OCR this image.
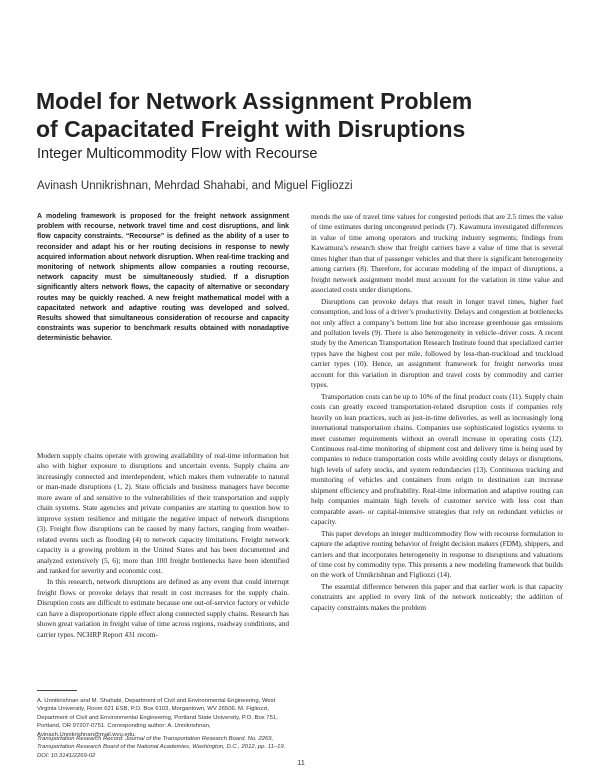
Model for Network Assignment Problem
of Capacitated Freight with Disruptions

Integer Multicommodity Flow with Recourse

Avinash Unnikrishnan, Mehrdad Shahabi, and Miguel Figliozzi

A modeling framework is proposed for the freight network assignment problem with recourse, network travel time and cost disruptions, and link flow capacity constraints. “Recourse” is defined as the ability of a user to reconsider and adapt his or her routing decisions in response to newly acquired information about network disruption. When real-time tracking and monitoring of network shipments allow companies a routing recourse, network capacity must be simultaneously studied. If a disruption significantly alters network flows, the capacity of alternative or secondary routes may be quickly reached. A new freight mathematical model with a capacitated network and adaptive routing was developed and solved. Results showed that simultaneous consideration of recourse and capacity constraints was superior to benchmark results obtained with nonadaptive deterministic behavior.

Modern supply chains operate with growing availability of real-time information but also with higher exposure to disruptions and uncertain events. Supply chains are increasingly connected and interdependent, which makes them vulnerable to natural or man-made disruptions (1, 2). State officials and business managers have become more aware of and sensitive to the vulnerabilities of their transportation and supply chain systems. State agencies and private companies are starting to question how to improve system resilience and mitigate the negative impact of network disruptions (3). Freight flow disruptions can be caused by many factors, ranging from weather-related events such as flooding (4) to network capacity limitations. Freight network capacity is a growing problem in the United States and has been documented and analyzed extensively (5, 6); more than 100 freight bottlenecks have been identified and ranked for severity and economic cost.

In this research, network disruptions are defined as any event that could interrupt freight flows or provoke delays that result in cost increases for the supply chain. Disruption costs are difficult to estimate because one out-of-service factory or vehicle can have a disproportionate ripple effect along connected supply chains. Research has shown great variation in freight value of time across regions, roadway conditions, and carrier types. NCHRP Report 431 recom-

A. Unnikrishnan and M. Shahabi, Department of Civil and Environmental Engineering, West Virginia University, Room 621 ESB, P.O. Box 6103, Morgantown, WV 26506. M. Figliozzi, Department of Civil and Environmental Engineering, Portland State University, P.O. Box 751, Portland, OR 97207-0751. Corresponding author: A. Unnikrishnan, Avinash.Unnikrishnan@mail.wvu.edu.

Transportation Research Record: Journal of the Transportation Research Board, No. 2269, Transportation Research Board of the National Academies, Washington, D.C., 2012, pp. 11–19. DOI: 10.3141/2269-02

mends the use of travel time values for congested periods that are 2.5 times the value of time estimates during uncongested periods (7). Kawamura investigated differences in value of time among operators and trucking industry segments; findings from Kawamura’s research show that freight carriers have a value of time that is several times higher than that of passenger vehicles and that there is significant heterogeneity among carriers (8). Therefore, for accurate modeling of the impact of disruptions, a freight network assignment model must account for the variation in time value and associated costs under disruptions.

Disruptions can provoke delays that result in longer travel times, higher fuel consumption, and loss of a driver’s productivity. Delays and congestion at bottlenecks not only affect a company’s bottom line but also increase greenhouse gas emissions and pollution levels (9). There is also heterogeneity in vehicle–driver costs. A recent study by the American Transportation Research Institute found that specialized carrier types have the highest cost per mile, followed by less-than-truckload and truckload carrier types (10). Hence, an assignment framework for freight networks must account for this variation in disruption and travel costs by commodity and carrier types.

Transportation costs can be up to 10% of the final product costs (11). Supply chain costs can greatly exceed transportation-related disruption costs if companies rely heavily on lean practices, such as just-in-time deliveries, as well as increasingly long international transportation chains. Companies use sophisticated logistics systems to meet customer requirements without an overall increase in operating costs (12). Continuous real-time monitoring of shipment cost and delivery time is being used by companies to reduce transportation costs while avoiding costly delays or disruptions, high levels of safety stocks, and system redundancies (13). Continuous tracking and monitoring of vehicles and containers from origin to destination can increase shipment efficiency and profitability. Real-time information and adaptive routing can help companies maintain high levels of customer service with less cost than comparable asset- or capital-intensive strategies that rely on redundant vehicles or capacity.

This paper develops an integer multicommodity flow with recourse formulation to capture the adaptive routing behavior of freight decision makers (FDM), shippers, and carriers and that incorporates heterogeneity in response to disruptions and valuations of time cost by commodity type. This presents a new modeling framework that builds on the work of Unnikrishnan and Figliozzi (14).

The essential difference between this paper and that earlier work is that capacity constraints are applied to every link of the network noticeably; the addition of capacity constraints makes the problem

11
